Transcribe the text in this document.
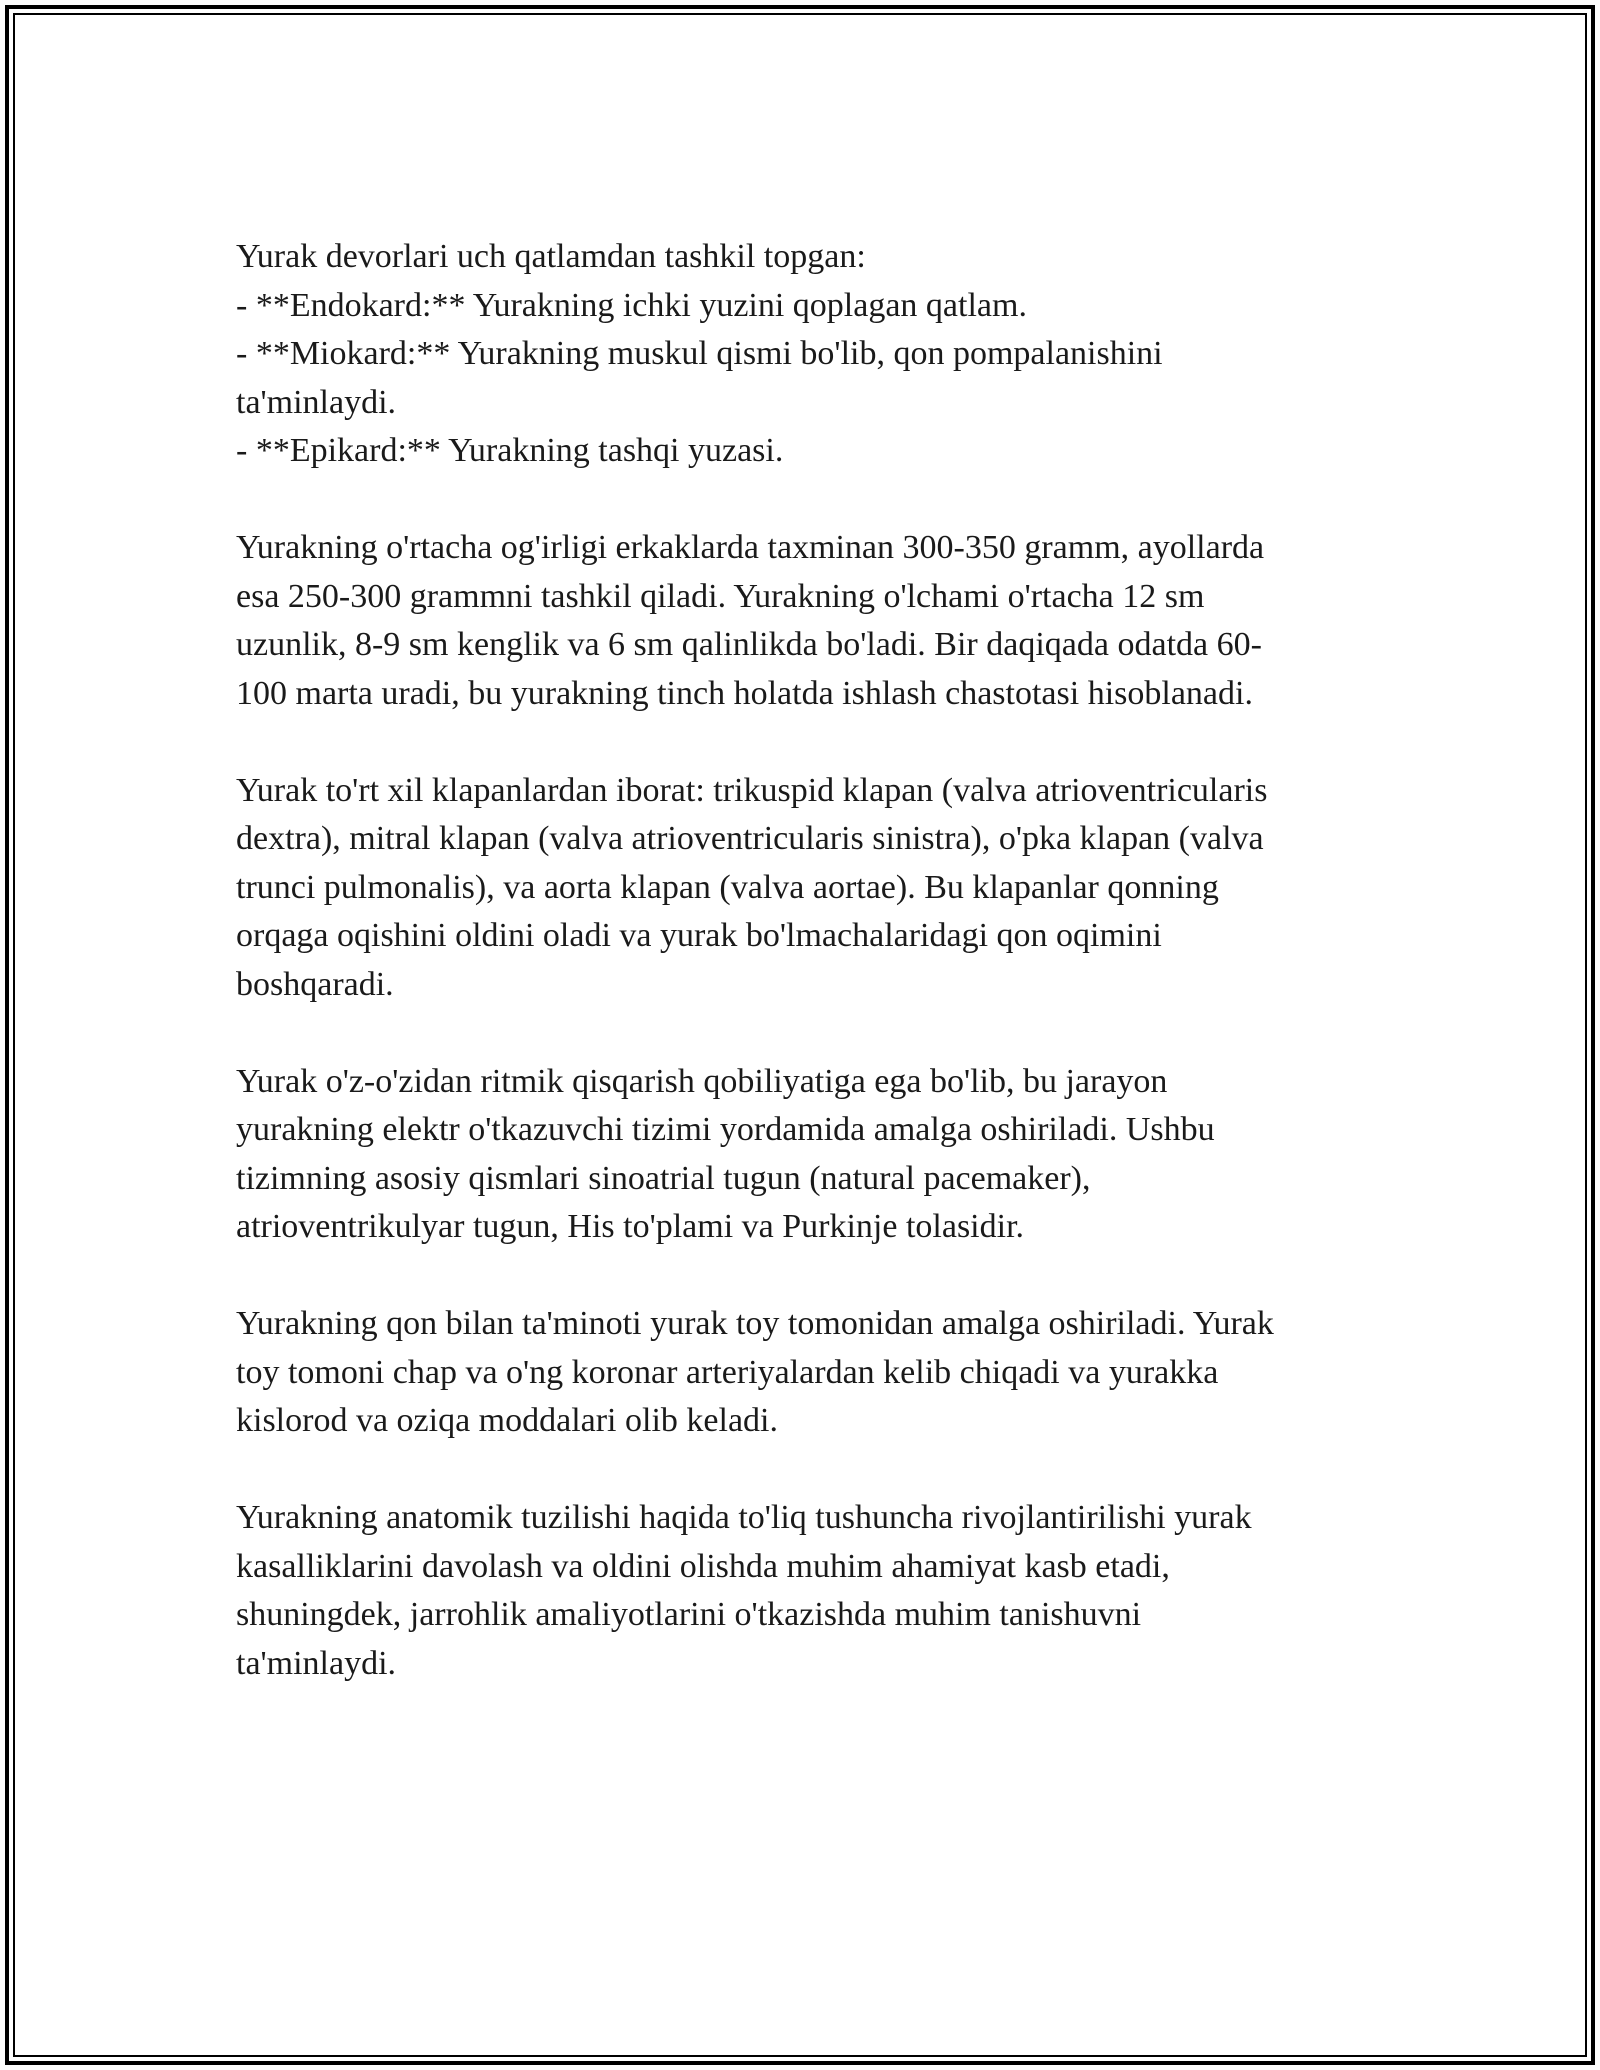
Yurak devorlari uch qatlamdan tashkil topgan:
- **Endokard:** Yurakning ichki yuzini qoplagan qatlam.
- **Miokard:** Yurakning muskul qismi bo'lib, qon pompalanishini
ta'minlaydi.
- **Epikard:** Yurakning tashqi yuzasi.
Yurakning o'rtacha og'irligi erkaklarda taxminan 300-350 gramm, ayollarda
esa 250-300 grammni tashkil qiladi. Yurakning o'lchami o'rtacha 12 sm
uzunlik, 8-9 sm kenglik va 6 sm qalinlikda bo'ladi. Bir daqiqada odatda 60-
100 marta uradi, bu yurakning tinch holatda ishlash chastotasi hisoblanadi.
Yurak to'rt xil klapanlardan iborat: trikuspid klapan (valva atrioventricularis
dextra), mitral klapan (valva atrioventricularis sinistra), o'pka klapan (valva
trunci pulmonalis), va aorta klapan (valva aortae). Bu klapanlar qonning
orqaga oqishini oldini oladi va yurak bo'lmachalaridagi qon oqimini
boshqaradi.
Yurak o'z-o'zidan ritmik qisqarish qobiliyatiga ega bo'lib, bu jarayon
yurakning elektr o'tkazuvchi tizimi yordamida amalga oshiriladi. Ushbu
tizimning asosiy qismlari sinoatrial tugun (natural pacemaker),
atrioventrikulyar tugun, His to'plami va Purkinje tolasidir.
Yurakning qon bilan ta'minoti yurak toy tomonidan amalga oshiriladi. Yurak
toy tomoni chap va o'ng koronar arteriyalardan kelib chiqadi va yurakka
kislorod va oziqa moddalari olib keladi.
Yurakning anatomik tuzilishi haqida to'liq tushuncha rivojlantirilishi yurak
kasalliklarini davolash va oldini olishda muhim ahamiyat kasb etadi,
shuningdek, jarrohlik amaliyotlarini o'tkazishda muhim tanishuvni
ta'minlaydi.
